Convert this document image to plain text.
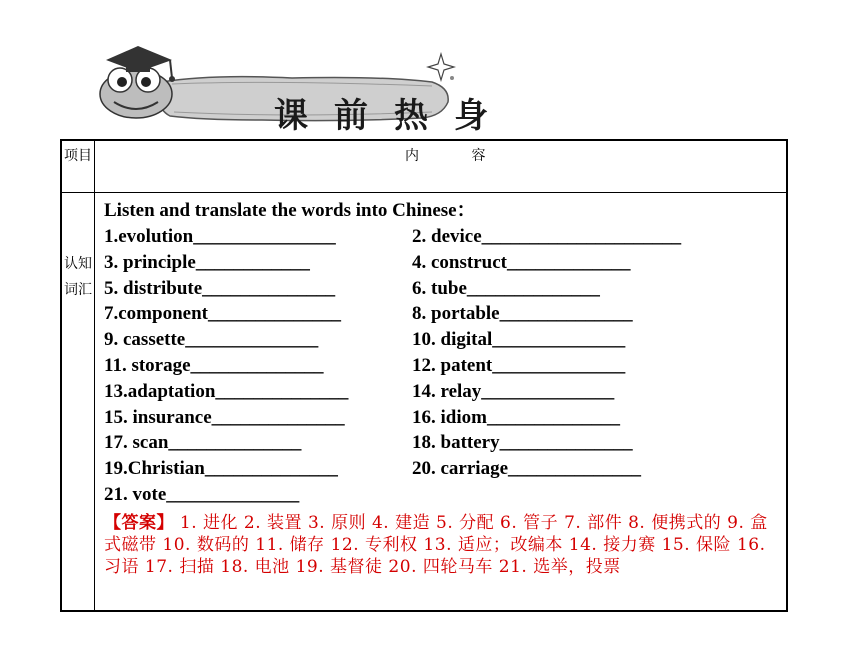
课前热身
项目	内 容
认知词汇
Listen and translate the words into Chinese：
1.evolution_______________	2. device_____________________
3. principle____________	4. construct_____________
5. distribute______________	6. tube______________
7.component______________	8. portable______________
9. cassette______________	10. digital______________
11. storage______________	12. patent______________
13.adaptation______________	14. relay______________
15. insurance______________	16. idiom______________
17. scan______________	18. battery______________
19.Christian______________	20. carriage______________
21. vote______________
【答案】 1. 进化 2. 装置 3. 原则 4. 建造 5. 分配 6. 管子 7. 部件 8. 便携式的 9. 盒式磁带 10. 数码的 11. 储存 12. 专利权 13. 适应；改编本 14. 接力赛 15. 保险 16. 习语 17. 扫描 18. 电池 19. 基督徒 20. 四轮马车 21. 选举，投票
